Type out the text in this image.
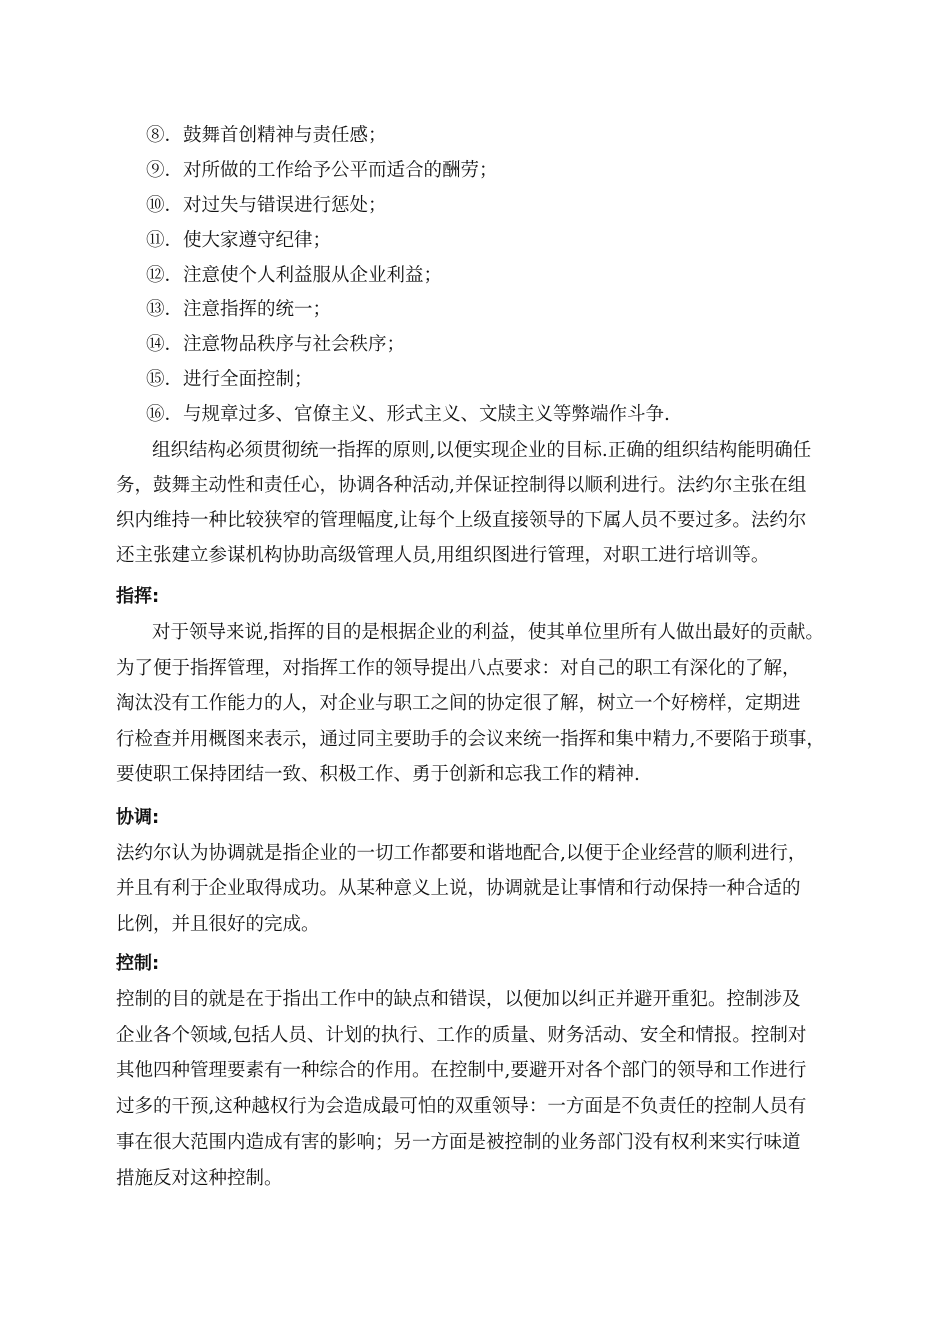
⑧．鼓舞首创精神与责任感；
⑨．对所做的工作给予公平而适合的酬劳；
⑩．对过失与错误进行惩处；
⑪．使大家遵守纪律；
⑫．注意使个人利益服从企业利益；
⑬．注意指挥的统一；
⑭．注意物品秩序与社会秩序；
⑮．进行全面控制；
⑯．与规章过多、官僚主义、形式主义、文牍主义等弊端作斗争.
组织结构必须贯彻统一指挥的原则,以便实现企业的目标.正确的组织结构能明确任
务，鼓舞主动性和责任心，协调各种活动,并保证控制得以顺利进行。法约尔主张在组
织内维持一种比较狭窄的管理幅度,让每个上级直接领导的下属人员不要过多。法约尔
还主张建立参谋机构协助高级管理人员,用组织图进行管理，对职工进行培训等。
指挥:
对于领导来说,指挥的目的是根据企业的利益，使其单位里所有人做出最好的贡献。
为了便于指挥管理，对指挥工作的领导提出八点要求：对自己的职工有深化的了解，
淘汰没有工作能力的人，对企业与职工之间的协定很了解，树立一个好榜样，定期进
行检查并用概图来表示，通过同主要助手的会议来统一指挥和集中精力,不要陷于琐事，
要使职工保持团结一致、积极工作、勇于创新和忘我工作的精神.
协调:
法约尔认为协调就是指企业的一切工作都要和谐地配合,以便于企业经营的顺利进行，
并且有利于企业取得成功。从某种意义上说，协调就是让事情和行动保持一种合适的
比例，并且很好的完成。
控制:
控制的目的就是在于指出工作中的缺点和错误，以便加以纠正并避开重犯。控制涉及
企业各个领域,包括人员、计划的执行、工作的质量、财务活动、安全和情报。控制对
其他四种管理要素有一种综合的作用。在控制中,要避开对各个部门的领导和工作进行
过多的干预,这种越权行为会造成最可怕的双重领导：一方面是不负责任的控制人员有
事在很大范围内造成有害的影响；另一方面是被控制的业务部门没有权利来实行味道
措施反对这种控制。
